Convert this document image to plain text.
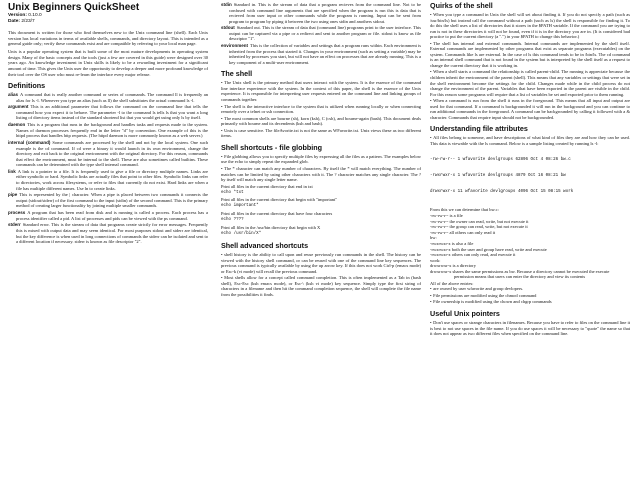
Unix Beginners QuickSheet
Version: 0.10.0
Date: 2/23/7

This document is written for those who find themselves new to the Unix command line (shell). Each Unix version has local variations in terms of available shells, commands, and directory layout. This is intended as a general guide only; verify these commands exist and are compatible by referring to your local man page.

Unix is a popular operating system that is built some of the most mature developments in operating system design. Many of the basic concepts and the tools (just a few are covered in this guide) were designed over 30 years ago. An knowledge investment in Unix skills is likely to be a rewarding investment for a significant amount of time. This gives the Unix user the opportunity to develop a deeper and more profound knowledge of their tool over the OS user who must re-learn the interface every major release.

Definitions
alias A command that is really another command or series of commands. The command ll is frequently an alias for ls -l. Whenever you type an alias (such as ll) the shell substitutes the actual command ls -l.
argument This is an additional parameter that follows the command on the command line that tells the command how you expect it to behave. The parameter -l to the command ls tells ls that you want a long listing of directory items instead of the standard shortend list that you would get using only ls by itself.
daemon This is a program that runs in the background and handles tasks and requests made to the system. Names of daemon processes frequently end in the letter "d" by convention. One example of this is the httpd process that handles http requests. (The httpd daemon is more commonly known as a web server.)
internal (command) Some commands are processed by the shell and not by the local system. One such example is the cd command. If cd were a binary it would launch in its own environment, change the directory and exit back to the original environment with the original directory. For this reason, commands that effect the environment, must be internal to the shell. These are also sometimes called builtins. These commands can be determined with the type shell internal command.
link A link is a pointer to a file. It is frequently used to give a file or directory multiple names. Links are either symbolic or hard. Symbolic links are actually files that point to other files. Symbolic links can refer to directories, work across filesystems, or refer to files that currently do not exist. Hard links are when a file has multiple different names. Use ln to create links.
pipe This is represented by the | character. When a pipe is placed between two commands it connects the output (stdout/stderr) of the first command to the input (stdin) of the second command. This is the primary method of creating larger functionality by joining multiple smaller commands.
process A program that has been read from disk and is running is called a process. Each process has a process identifier called a pid. A list of processes and pids can be viewed with the ps command.
stderr Standard error. This is the stream of data that programs create strictly for error messages. Frequently this is mixed with output data and may seem identical. For most purposes stdout and stderr are identical, but the key difference is when used in long connections of commands the stderr can be isolated and sent to a different location if necessary. stderr is known as file descriptor "2".
stdin Standard in. This is the stream of data that a program recieves from the command line. Not to be confused with command line arguments that are specified when the program is run this is data that is recieved from user input or other commands while the program is running. Input can be sent from program to program by piping it between the two using ones stdin and anothers stdout.
stdout Standard out. This is the stream of data that (command line) programs print to the user interface. This output can be captured via a pipe or a redirect and sent to another program or file. stdout is know as file descriptor "1".
environment This is the collection of variables and settings that a program runs within. Each environment is inherited from the process that started it. Changes in your environment (such as setting a variable) may be inherited by processes you start, but will not have an effect on processes that are already running. This is a key component of a multi-user environment.
The shell
• The Unix shell is the primary method that users interact with the system. It is the essence of the command line interface experience with the system. In the context of this paper, the shell is the essence of the Unix experience. It is responsible for interpreting user requests entered on the command line and linking groups of commands together.
• The shell is the interactive interface to the system that is utilized when running locally or when connecting remotely over a telnet or ssh connection.
• The most common shells are bourne (sh), korn (ksh), C (csh), and bourne-again (bash). This document deals primarily with bourne and its decendents (ksh and bash).
• Unix is case sensitive. The fileAvorite.txt is not the same as WFavorite.txt. Unix views these as two different items.
Shell shortcuts - file globbing
• File globbing allows you to specify multiple files by expressing all the files as a pattern. The examples below use the echo to simply repeat the expanded glob.
• The * character can match any number of characters. By itself the * will match everything. The number of matches can be limited by using other characters with it. The ? character matches any single character. The ? by itself will match any single letter name.
Print all files in the current directory that end in txt
echo *txt
Print all files in the current directory that begin with "important"
echo important*
Print all files in the current directory that have four characters
echo ????
Print all files in the /usr/bin directory that begin with X
echo /usr/bin/X*
Shell advanced shortcuts
• shell history is the ability to call upon and reuse previously run commands in the shell. The history can be viewed with the history shell command, or can be reused with one of the command line key sequences. The previous command is typically available by using the up arrow key. If this does not work Ctrl-p (emacs mode) or Esc-k (vi mode) will recall the previous command.
• Most shells allow for a concept called command completion. This is often implemented as a Tab in (bash shell), Esc-Esc (ksh emacs mode), or Esc-\ (ksh vi mode) key sequence. Simply type the first string of characters in a filename and then hit the command completion sequence, the shell will complete the file name from the possibilities it finds.
Quirks of the shell
• When you type a command in Unix the shell will set about finding it. If you do not specify a path (such as /usr/bin/ls) but instead call the command without a path (such as ls) the shell is responsible for finding it. To do this the shell uses a list of directories that it stores in the $PATH variable. If the command you are trying to run is not in these directories it will not be found, even if it is in the directory you are in. (It is considered bad practice to put the current directory (a ".") in your $PATH to change this behavior.)
• The shell has internal and external commands. Internal commands are implemented by the shell itself. External commands are implemented by other programs that exist as separate programs (executables) on the system. Commands like ls are external. In the case of ls this command tends to be in /bin/ls. The cd command is an internal shell command that is not found in the system but is interpreted by the shell itself as a request to change the current directory that it is working in.
• When a shell starts a command the relationship is called parent-child. The running is appreciate because the children inherit the environment of the parent (shell). This means that any variables or settings that were set in the shell environment become the settings for the child. Changes made while in the child process do not change the environment of the parent. Variables that have been exported in the parent are visible in the child. For this reason some programs will require that a list of variables be set and exported prior to them running.
• When a command is run from the shell it runs in the foreground. This means that all input and output are used for that command. If a command is backgrounded it will run in the background and you can continue to run additional commands in the foreground. A command can be backgrounded by calling it followed with a & character. Commands that require input should not be backgrounded.
Understanding file attributes
• All files belong to someone, and have descriptions of what kind of files they are and how they can be used. This data is viewable with the ls command. Below is a sample listing created by running ls -l:

-rw-rw-r-- 1 wfavorite devlgroups 62896 Oct 4 08:26 bw.c

-rwxrwxr-x 1 wfavorite devlgroups 4879 Oct 16 08:21 bw

drwxrwxr-x 11 wfavorite devlgroups 4096 Oct 15 08:15 work

From this we can determine that bw.c:
-rw-rw-r-- is a file
-rw-rw-r-- the owner can read, write, but not execute it
-rw-rw-r-- the group can read, write, but not execute it
-rw-rw-r-- all others can only read it
bw:
-rwxrwxr-x is also a file
-rwxrwxr-x both the user and group have read, write and execute
-rwxrwxr-x others can only read, and execute it
work:
drwxrwxr-x is a directory
drwxrwxr-x shares the same permissions as bw. Because a directory cannot be executed the execute permission means that users can enter the directory and view its contents
All of the above entries:
• are owned by user wfavorite and group devlopers.
• File permissions are modified using the chmod command
• File ownership is modified using the chown and chgrp commands
Useful Unix pointers
• Don't use spaces or strange characters in filenames. Because you have to refer to files on the command line it is best to not use spaces in the file name. If you do use spaces it will be necessary to "quote" the name so that it does not appear as two different files when specified on the command line.
